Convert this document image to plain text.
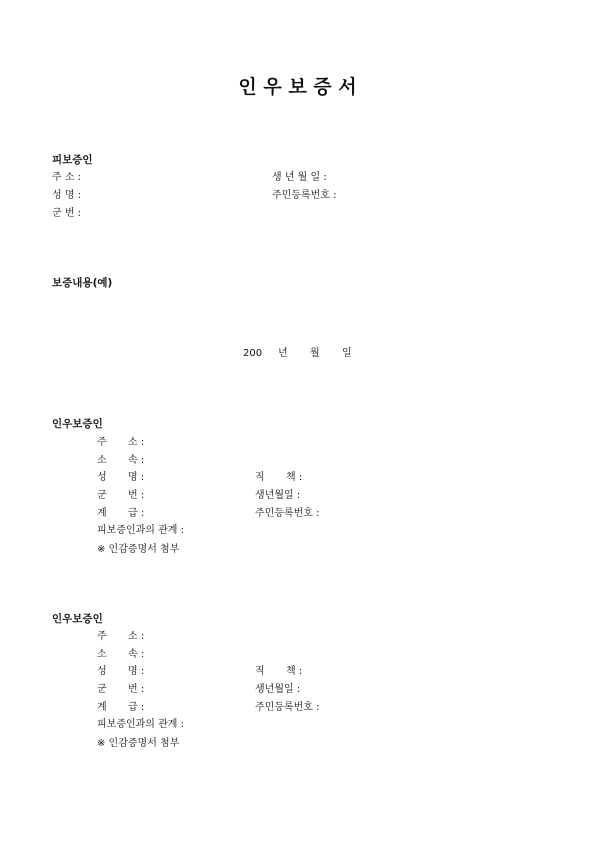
인 우 보 증 서
피보증인
주 소 :	생 년 월 일 :
성 명 :	주민등록번호 :
군 번 :
보증내용(예)
200 년 월 일
인우보증인
주 소 :
소 속 :
성 명 :	직 책 :
군 번 :	생년월일 :
계 급 :	주민등록번호 :
피보증인과의 관계 :
※ 인감증명서 첨부
인우보증인
주 소 :
소 속 :
성 명 :	직 책 :
군 번 :	생년월일 :
계 급 :	주민등록번호 :
피보증인과의 관계 :
※ 인감증명서 첨부
